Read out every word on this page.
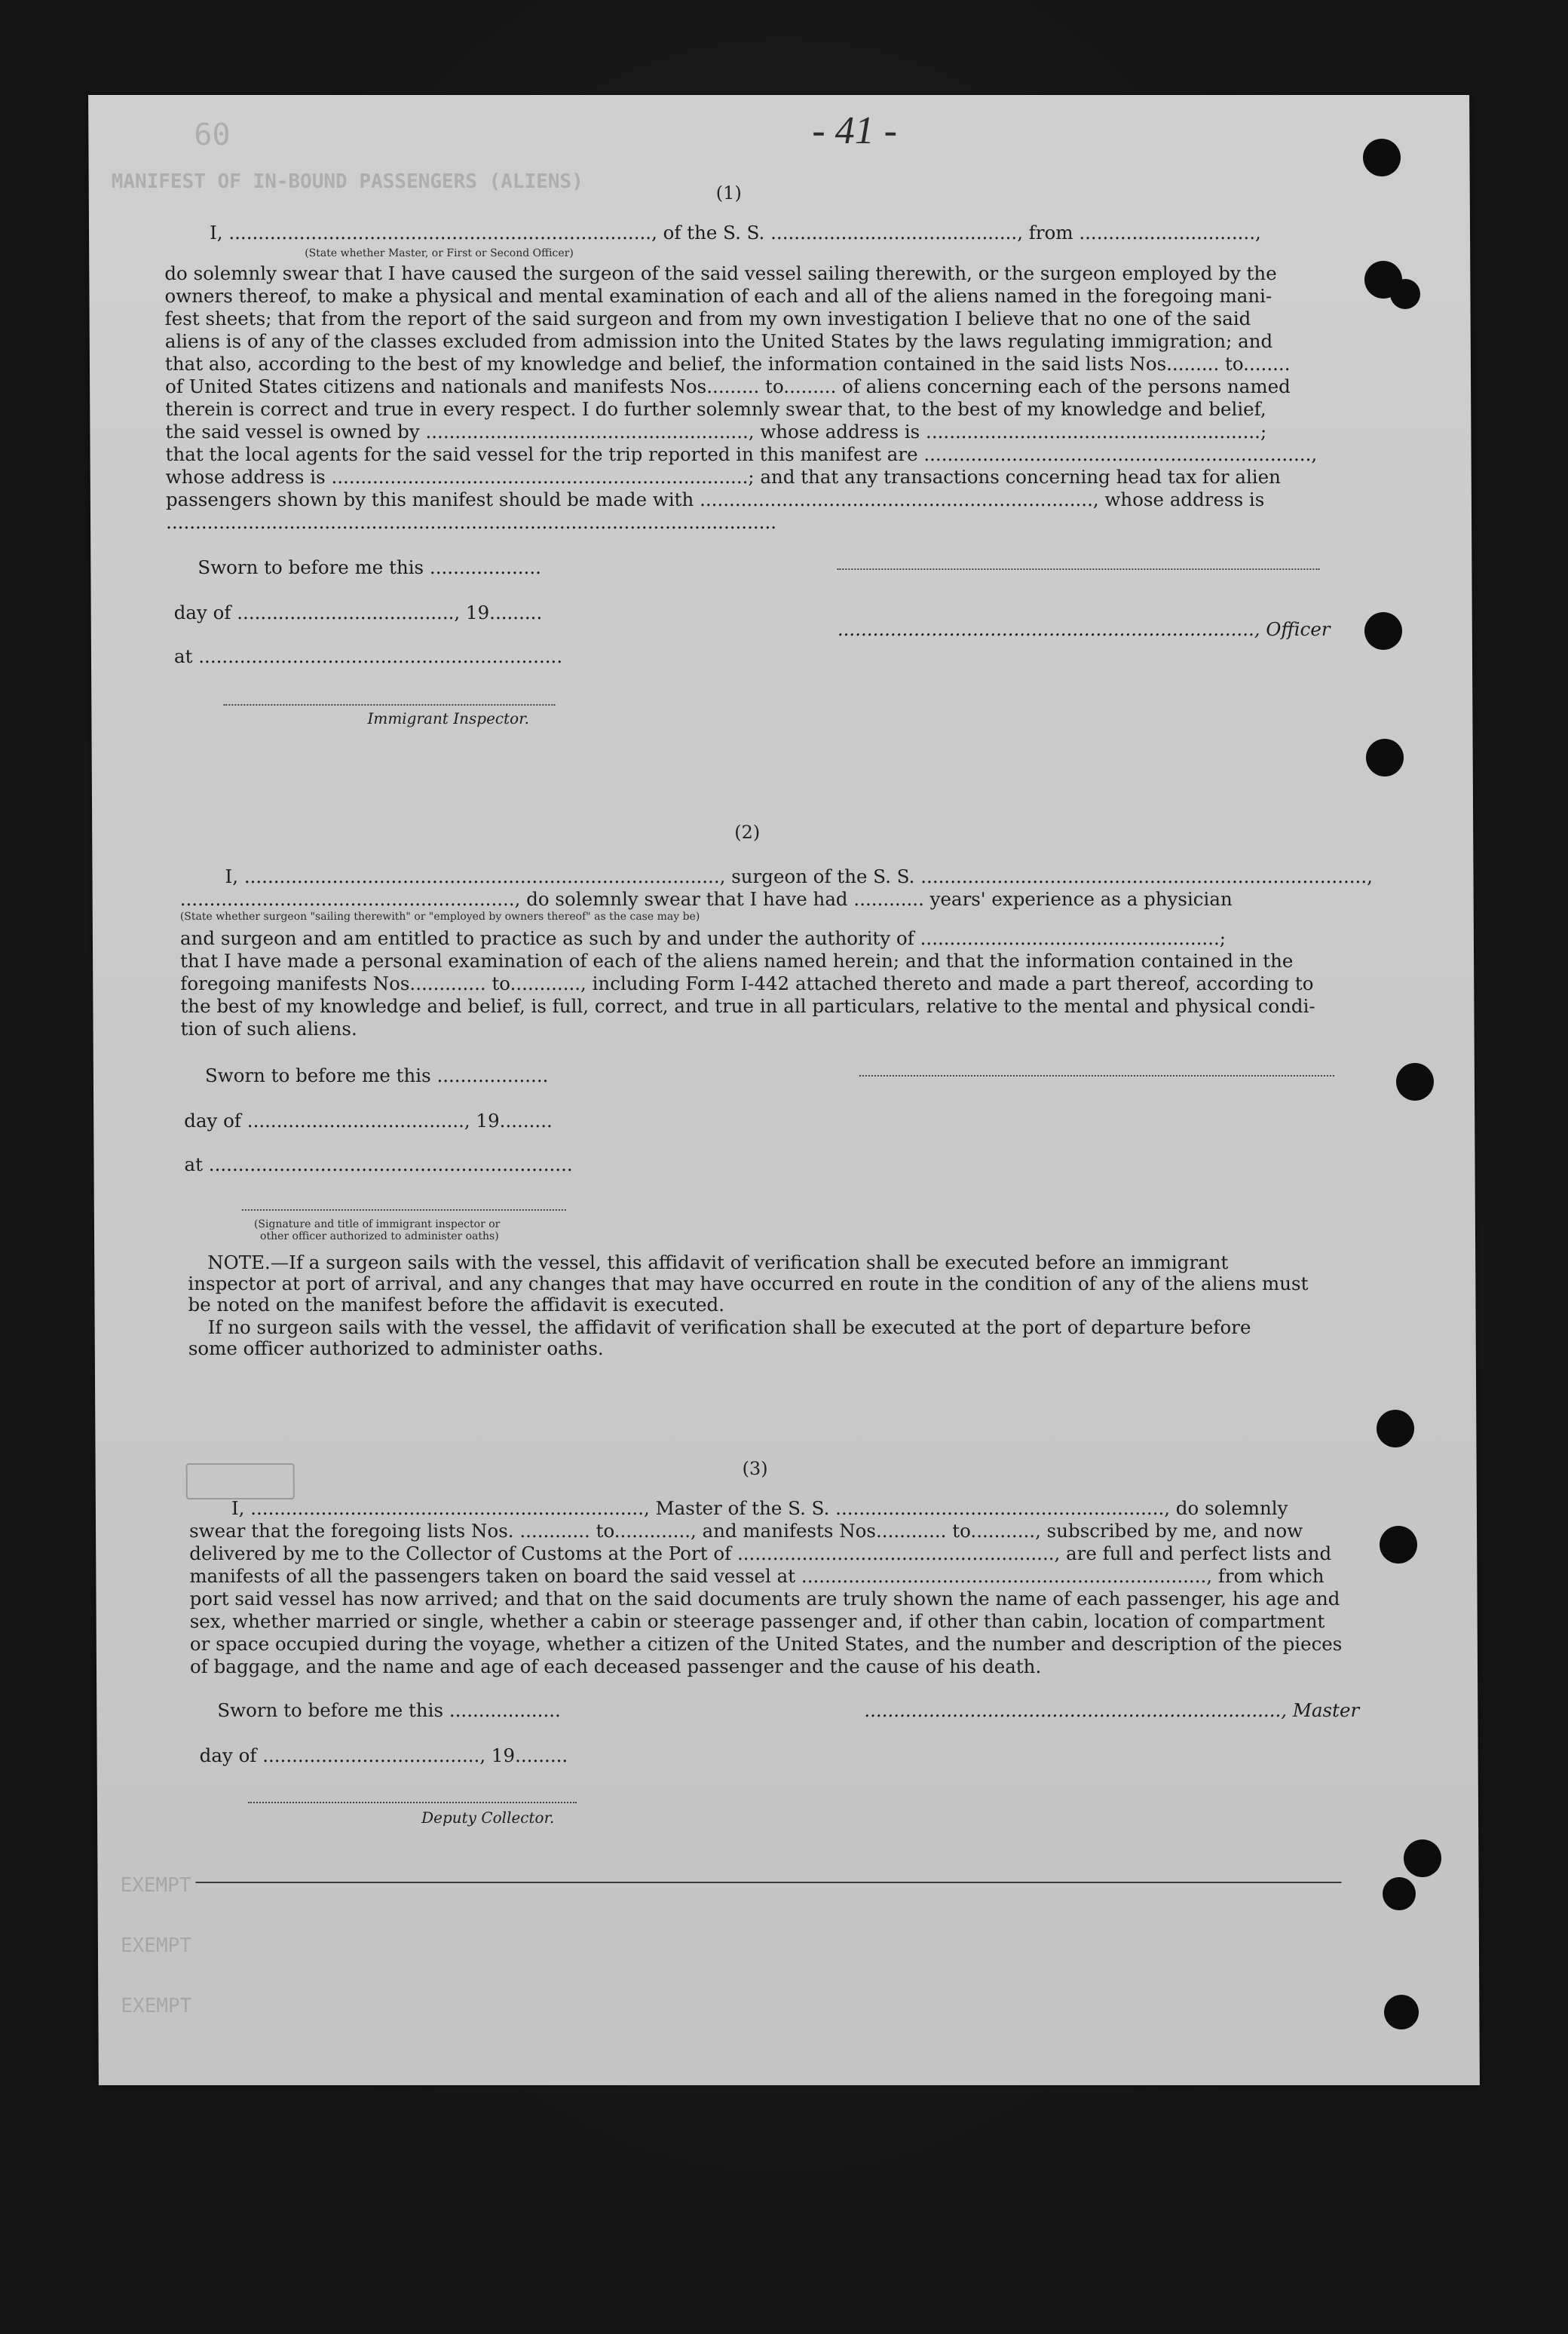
60
MANIFEST OF IN-BOUND PASSENGERS (ALIENS)
EXEMPT
EXEMPT
EXEMPT
- 41 -
(1)
I, ........................................................................, of the S. S. .........................................., from ..............................,
(State whether Master, or First or Second Officer)
do solemnly swear that I have caused the surgeon of the said vessel sailing therewith, or the surgeon employed by the
owners thereof, to make a physical and mental examination of each and all of the aliens named in the foregoing mani-
fest sheets; that from the report of the said surgeon and from my own investigation I believe that no one of the said
aliens is of any of the classes excluded from admission into the United States by the laws regulating immigration; and
that also, according to the best of my knowledge and belief, the information contained in the said lists Nos......... to........
of United States citizens and nationals and manifests Nos......... to......... of aliens concerning each of the persons named
therein is correct and true in every respect. I do further solemnly swear that, to the best of my knowledge and belief,
the said vessel is owned by ......................................................., whose address is .........................................................;
that the local agents for the said vessel for the trip reported in this manifest are ..................................................................,
whose address is .......................................................................; and that any transactions concerning head tax for alien
passengers shown by this manifest should be made with ..................................................................., whose address is
........................................................................................................
Sworn to before me this ...................
day of ....................................., 19.........
at ..............................................................
......................................................................., Officer
Immigrant Inspector.
(2)
I, ................................................................................., surgeon of the S. S. ............................................................................,
........................................................., do solemnly swear that I have had ............ years' experience as a physician
(State whether surgeon "sailing therewith" or "employed by owners thereof" as the case may be)
and surgeon and am entitled to practice as such by and under the authority of ...................................................;
that I have made a personal examination of each of the aliens named herein; and that the information contained in the
foregoing manifests Nos............. to............, including Form I-442 attached thereto and made a part thereof, according to
the best of my knowledge and belief, is full, correct, and true in all particulars, relative to the mental and physical condi-
tion of such aliens.
Sworn to before me this ...................
day of ....................................., 19.........
at ..............................................................
(Signature and title of immigrant inspector or
other officer authorized to administer oaths)
NOTE.—If a surgeon sails with the vessel, this affidavit of verification shall be executed before an immigrant
inspector at port of arrival, and any changes that may have occurred en route in the condition of any of the aliens must
be noted on the manifest before the affidavit is executed.
If no surgeon sails with the vessel, the affidavit of verification shall be executed at the port of departure before
some officer authorized to administer oaths.
(3)
I, ..................................................................., Master of the S. S. ........................................................, do solemnly
swear that the foregoing lists Nos. ............ to............., and manifests Nos............ to..........., subscribed by me, and now
delivered by me to the Collector of Customs at the Port of ......................................................, are full and perfect lists and
manifests of all the passengers taken on board the said vessel at ....................................................................., from which
port said vessel has now arrived; and that on the said documents are truly shown the name of each passenger, his age and
sex, whether married or single, whether a cabin or steerage passenger and, if other than cabin, location of compartment
or space occupied during the voyage, whether a citizen of the United States, and the number and description of the pieces
of baggage, and the name and age of each deceased passenger and the cause of his death.
Sworn to before me this ...................	......................................................................., Master
day of ....................................., 19.........
Deputy Collector.
